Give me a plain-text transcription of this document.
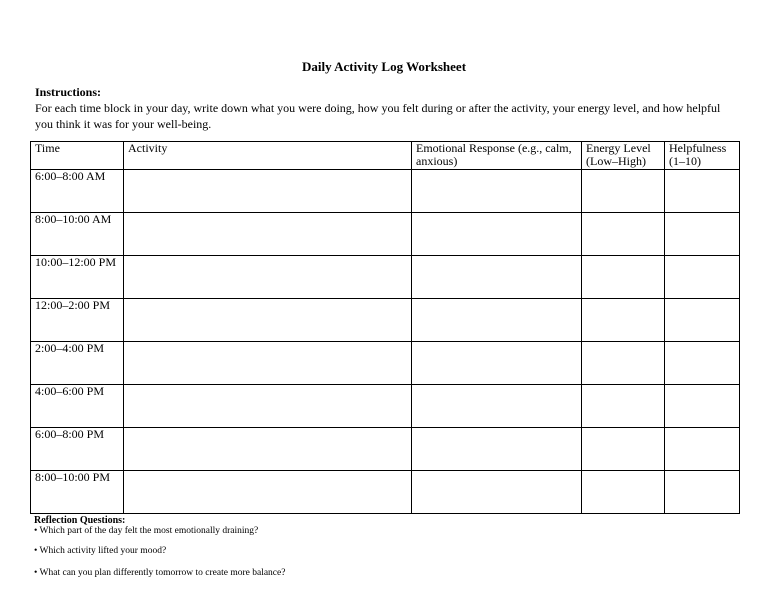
Daily Activity Log Worksheet
Instructions:
For each time block in your day, write down what you were doing, how you felt during or after the activity, your energy level, and how helpful you think it was for your well-being.
Time	Activity	Emotional Response (e.g., calm, anxious)	Energy Level (Low–High)	Helpfulness (1–10)
6:00–8:00 AM				
8:00–10:00 AM				
10:00–12:00 PM				
12:00–2:00 PM				
2:00–4:00 PM				
4:00–6:00 PM				
6:00–8:00 PM				
8:00–10:00 PM				
Reflection Questions:
• Which part of the day felt the most emotionally draining?
• Which activity lifted your mood?
• What can you plan differently tomorrow to create more balance?
